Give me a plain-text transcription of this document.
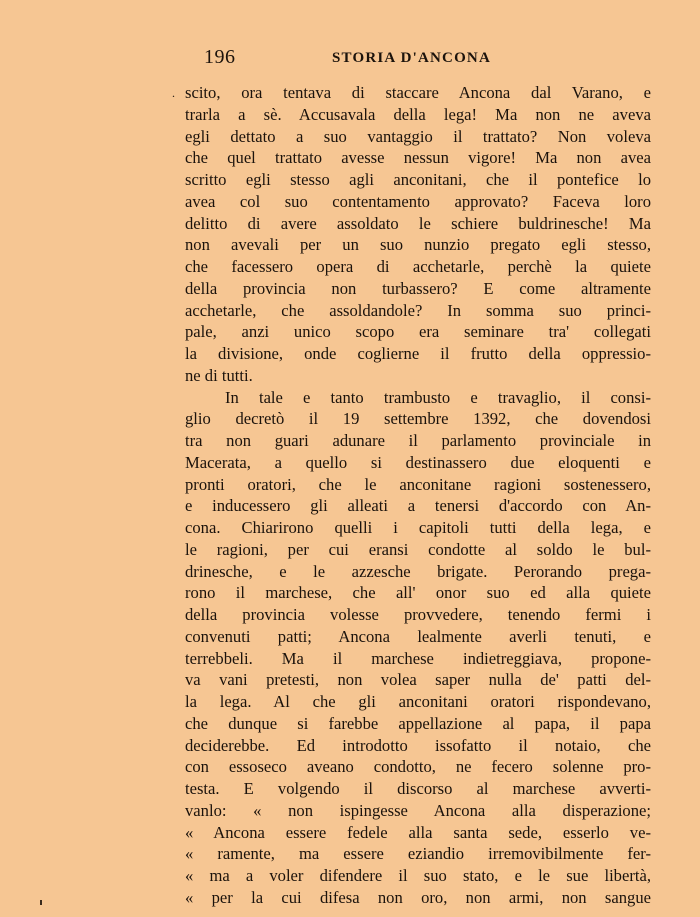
196	STORIA D'ANCONA
. scito, ora tentava di staccare Ancona dal Varano, e
trarla a sè. Accusavala della lega! Ma non ne aveva
egli dettato a suo vantaggio il trattato? Non voleva
che quel trattato avesse nessun vigore! Ma non avea
scritto egli stesso agli anconitani, che il pontefice lo
avea col suo contentamento approvato? Faceva loro
delitto di avere assoldato le schiere buldrinesche! Ma
non avevali per un suo nunzio pregato egli stesso,
che facessero opera di acchetarle, perchè la quiete
della provincia non turbassero? E come altramente
acchetarle, che assoldandole? In somma suo princi-
pale, anzi unico scopo era seminare tra' collegati
la divisione, onde coglierne il frutto della oppressio-
ne di tutti.
In tale e tanto trambusto e travaglio, il consi-
glio decretò il 19 settembre 1392, che dovendosi
tra non guari adunare il parlamento provinciale in
Macerata, a quello si destinassero due eloquenti e
pronti oratori, che le anconitane ragioni sostenessero,
e inducessero gli alleati a tenersi d'accordo con An-
cona. Chiarirono quelli i capitoli tutti della lega, e
le ragioni, per cui eransi condotte al soldo le bul-
drinesche, e le azzesche brigate. Perorando prega-
rono il marchese, che all' onor suo ed alla quiete
della provincia volesse provvedere, tenendo fermi i
convenuti patti; Ancona lealmente averli tenuti, e
terrebbeli. Ma il marchese indietreggiava, propone-
va vani pretesti, non volea saper nulla de' patti del-
la lega. Al che gli anconitani oratori rispondevano,
che dunque si farebbe appellazione al papa, il papa
deciderebbe. Ed introdotto issofatto il notaio, che
con essoseco aveano condotto, ne fecero solenne pro-
testa. E volgendo il discorso al marchese avverti-
vanlo: « non ispingesse Ancona alla disperazione;
« Ancona essere fedele alla santa sede, esserlo ve-
« ramente, ma essere eziandio irremovibilmente fer-
« ma a voler difendere il suo stato, e le sue libertà,
« per la cui difesa non oro, non armi, non sangue
